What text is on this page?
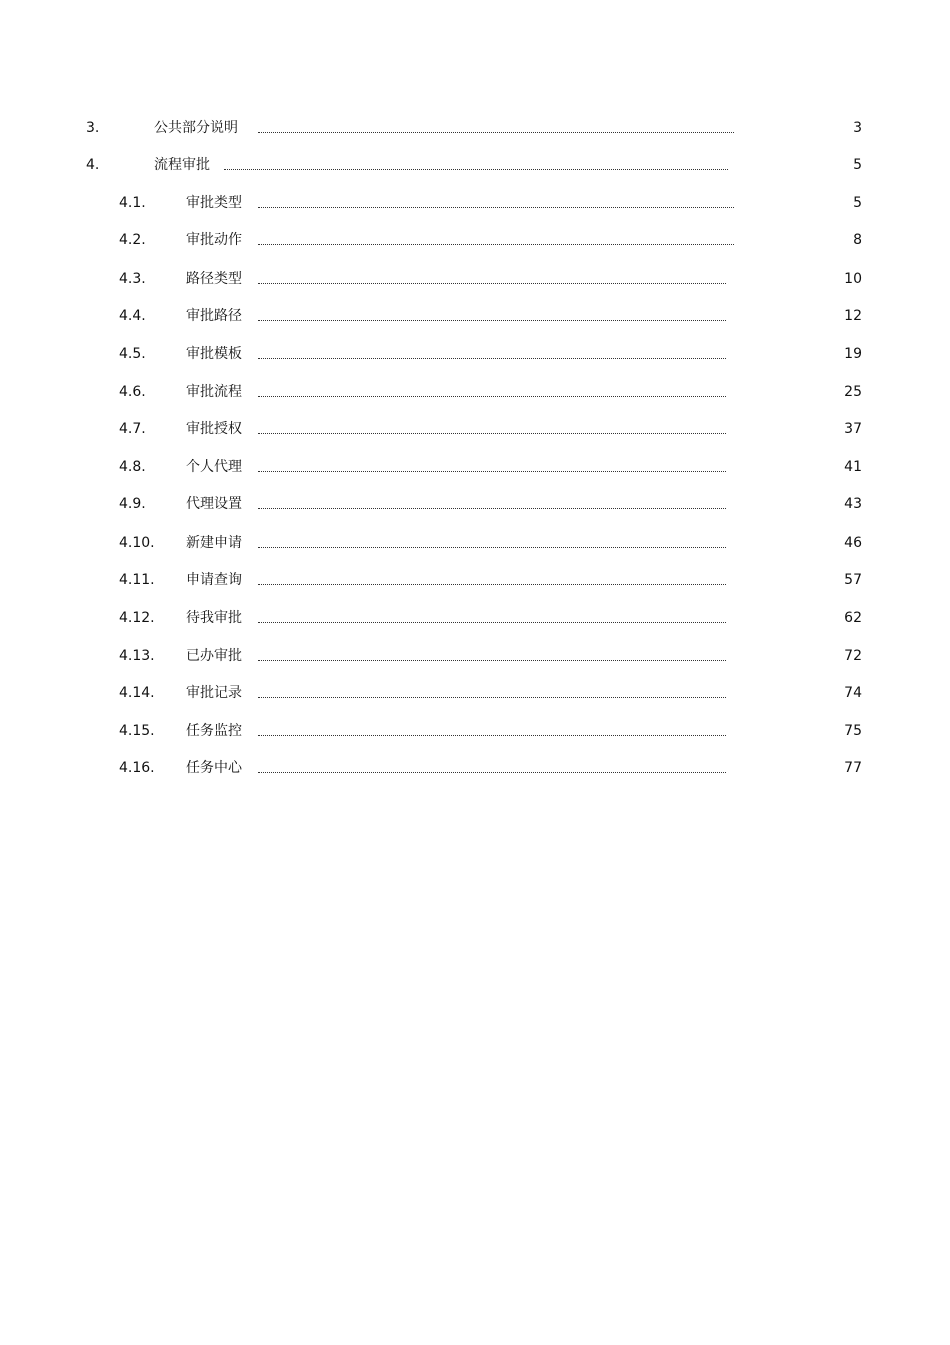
3.	公共部分说明	3
4.	流程审批	5
4.1.	审批类型	5
4.2.	审批动作	8
4.3.	路径类型	10
4.4.	审批路径	12
4.5.	审批模板	19
4.6.	审批流程	25
4.7.	审批授权	37
4.8.	个人代理	41
4.9.	代理设置	43
4.10. 新建申请	46
4.11. 申请查询	57
4.12. 待我审批	62
4.13. 已办审批	72
4.14. 审批记录	74
4.15. 任务监控	75
4.16. 任务中心	77
